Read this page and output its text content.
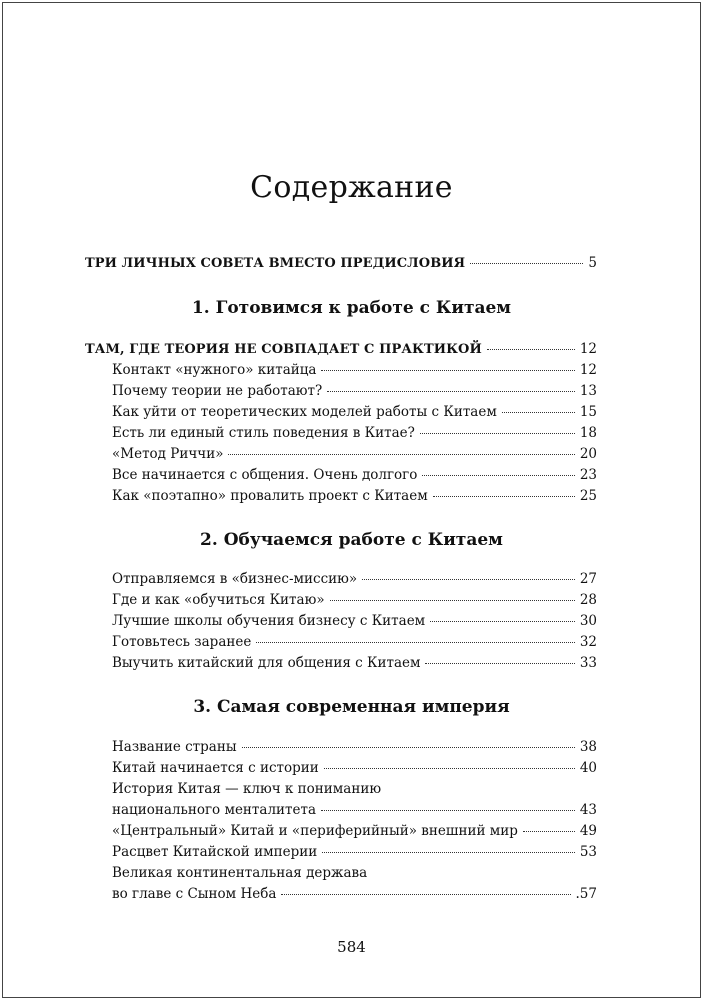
Содержание
ТРИ ЛИЧНЫХ СОВЕТА ВМЕСТО ПРЕДИСЛОВИЯ	5
1. Готовимся к работе с Китаем
ТАМ, ГДЕ ТЕОРИЯ НЕ СОВПАДАЕТ С ПРАКТИКОЙ	12
Контакт «нужного» китайца	12
Почему теории не работают?	13
Как уйти от теоретических моделей работы с Китаем	15
Есть ли единый стиль поведения в Китае?	18
«Метод Риччи»	20
Все начинается с общения. Очень долгого	23
Как «поэтапно» провалить проект с Китаем	25
2. Обучаемся работе с Китаем
Отправляемся в «бизнес-миссию»	27
Где и как «обучиться Китаю»	28
Лучшие школы обучения бизнесу с Китаем	30
Готовьтесь заранее	32
Выучить китайский для общения с Китаем	33
3. Самая современная империя
Название страны	38
Китай начинается с истории	40
История Китая — ключ к пониманию
национального менталитета	43
«Центральный» Китай и «периферийный» внешний мир	49
Расцвет Китайской империи	53
Великая континентальная держава
во главе с Сыном Неба	.57
584
